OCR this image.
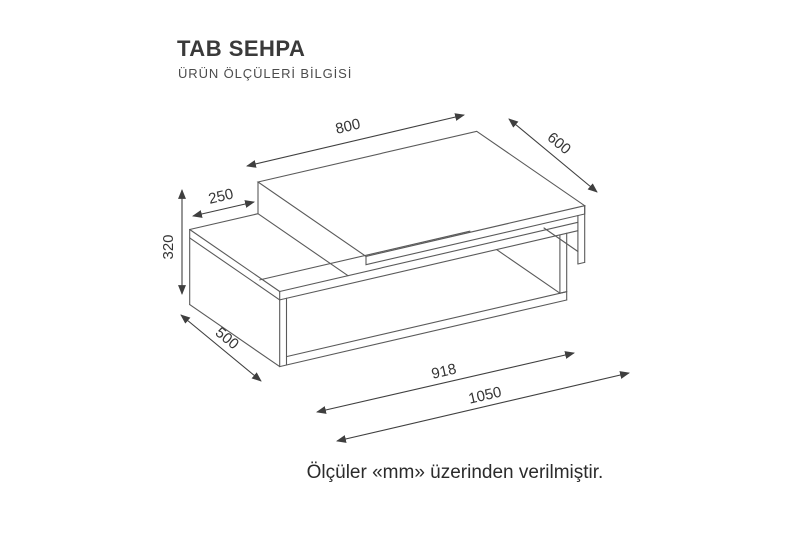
TAB SEHPA
ÜRÜN ÖLÇÜLERİ BİLGİSİ
800
600
250
320
500
918
1050
Ölçüler «mm» üzerinden verilmiştir.
